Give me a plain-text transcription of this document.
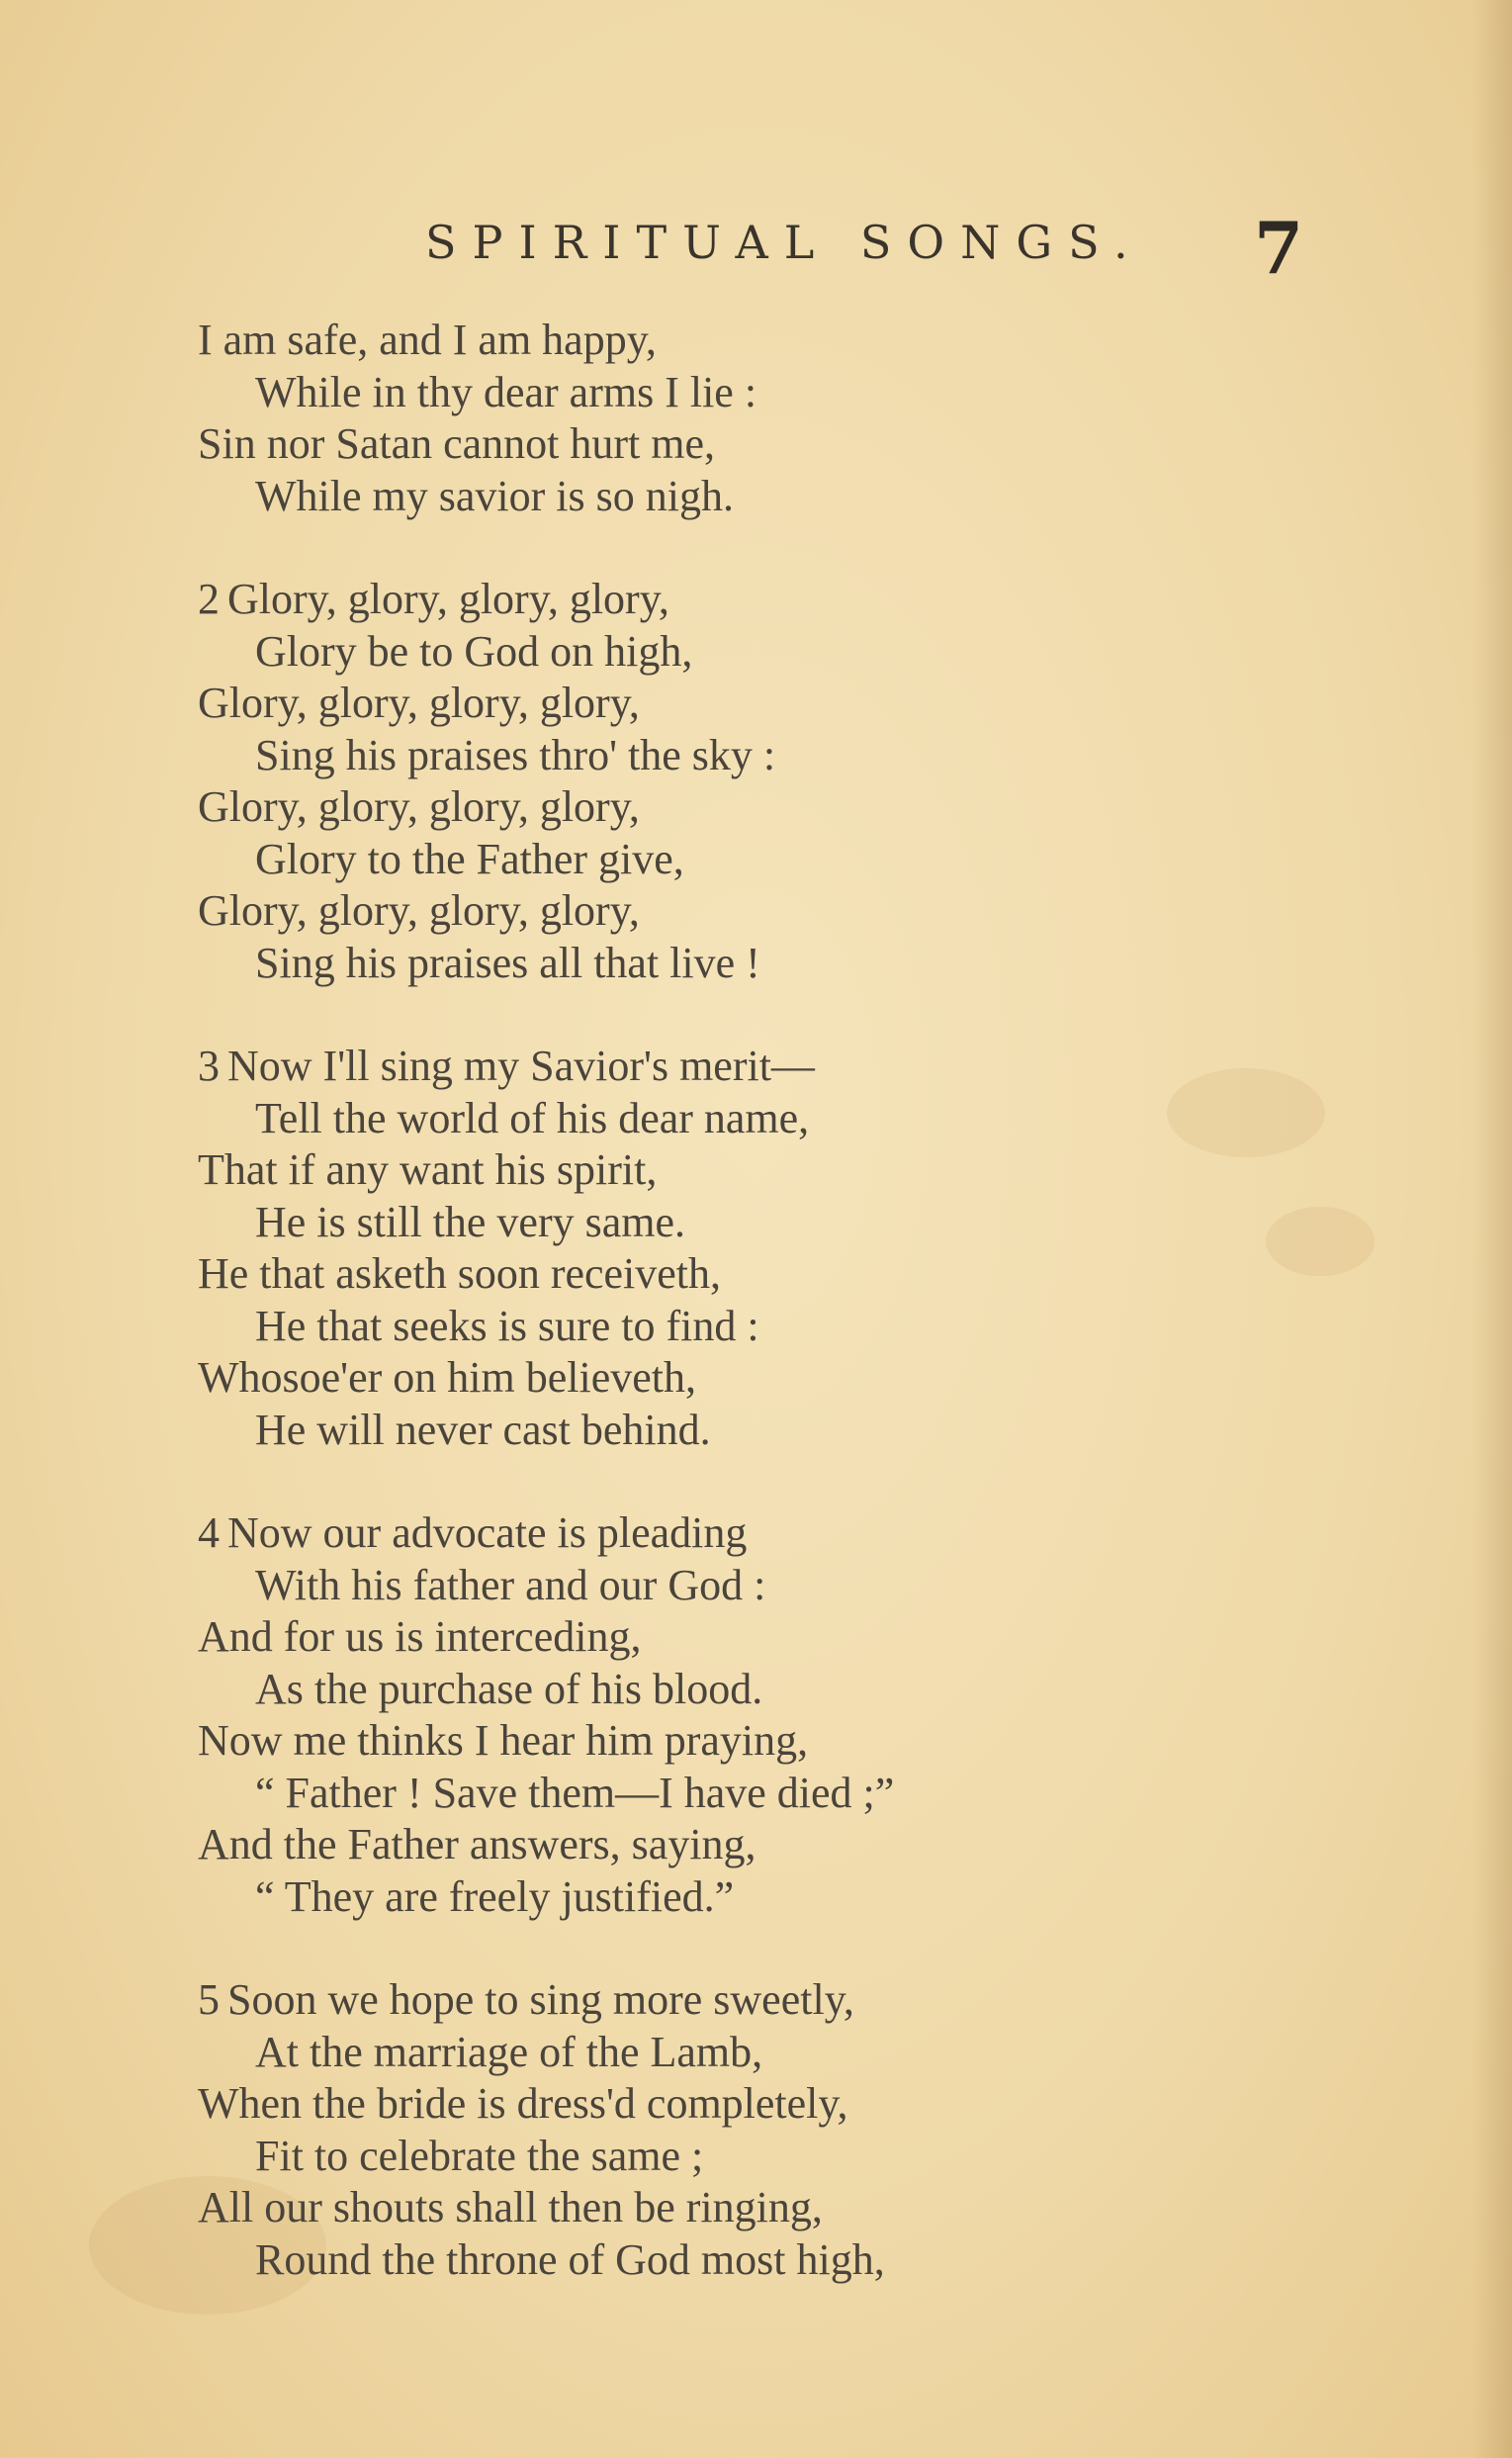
SPIRITUAL SONGS. 7
I am safe, and I am happy,
While in thy dear arms I lie :
Sin nor Satan cannot hurt me,
While my savior is so nigh.
2 Glory, glory, glory, glory,
Glory be to God on high,
Glory, glory, glory, glory,
Sing his praises thro' the sky :
Glory, glory, glory, glory,
Glory to the Father give,
Glory, glory, glory, glory,
Sing his praises all that live !
3 Now I'll sing my Savior's merit—
Tell the world of his dear name,
That if any want his spirit,
He is still the very same.
He that asketh soon receiveth,
He that seeks is sure to find :
Whosoe'er on him believeth,
He will never cast behind.
4 Now our advocate is pleading
With his father and our God :
And for us is interceding,
As the purchase of his blood.
Now me thinks I hear him praying,
“ Father ! Save them—I have died ;”
And the Father answers, saying,
“ They are freely justified.”
5 Soon we hope to sing more sweetly,
At the marriage of the Lamb,
When the bride is dress'd completely,
Fit to celebrate the same ;
All our shouts shall then be ringing,
Round the throne of God most high,
